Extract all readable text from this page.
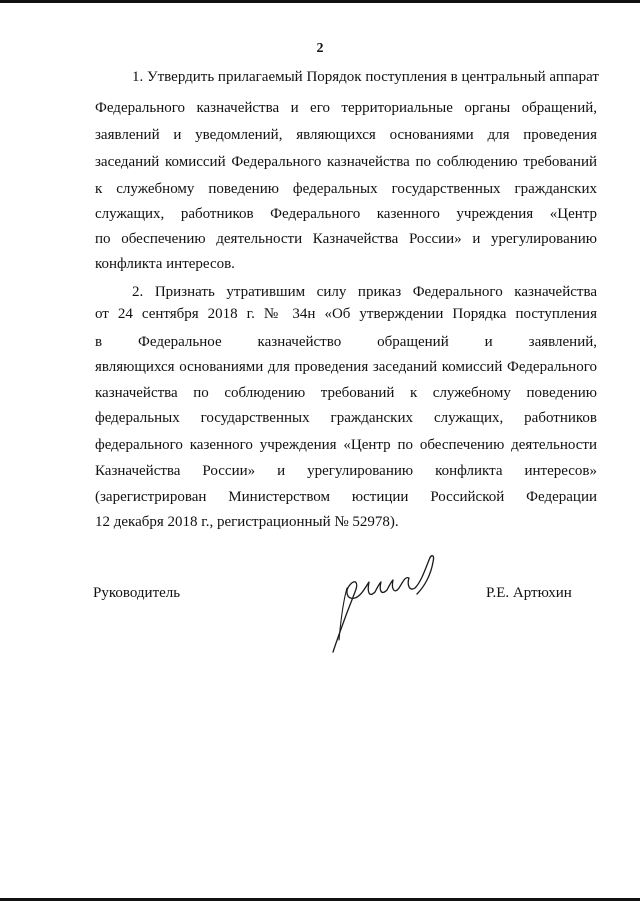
2
1. Утвердить прилагаемый Порядок поступления в центральный аппарат
Федерального казначейства и его территориальные органы обращений,
заявлений и уведомлений, являющихся основаниями для проведения
заседаний комиссий Федерального казначейства по соблюдению требований
к служебному поведению федеральных государственных гражданских
служащих, работников Федерального казенного учреждения «Центр
по обеспечению деятельности Казначейства России» и урегулированию
конфликта интересов.
2. Признать утратившим силу приказ Федерального казначейства
от 24 сентября 2018 г. № 34н «Об утверждении Порядка поступления
в Федеральное казначейство обращений и заявлений,
являющихся основаниями для проведения заседаний комиссий Федерального
казначейства по соблюдению требований к служебному поведению
федеральных государственных гражданских служащих, работников
федерального казенного учреждения «Центр по обеспечению деятельности
Казначейства России» и урегулированию конфликта интересов»
(зарегистрирован Министерством юстиции Российской Федерации
12 декабря 2018 г., регистрационный № 52978).
Руководитель	Р.Е. Артюхин
